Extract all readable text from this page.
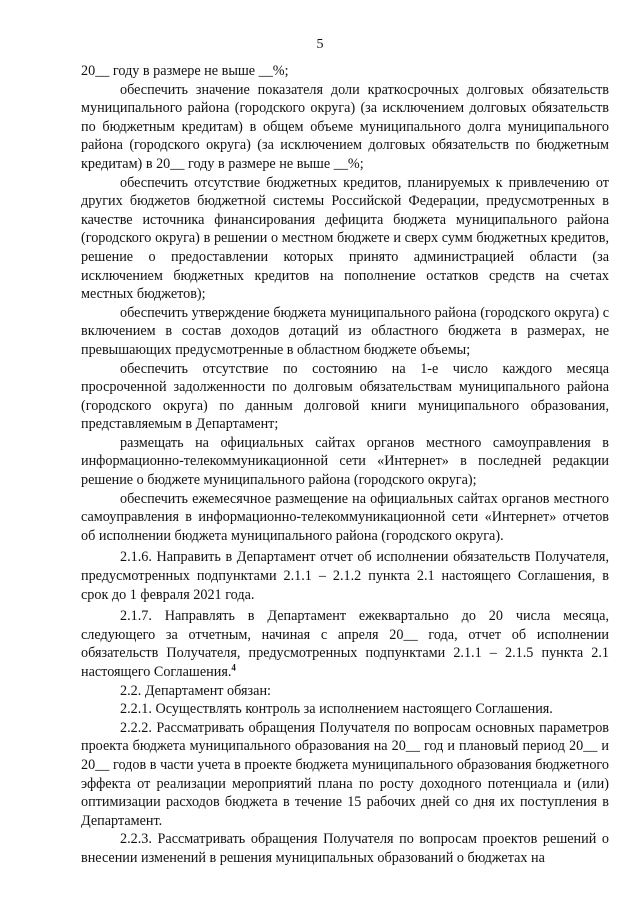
5

20__ году в размере не выше __%;

обеспечить значение показателя доли краткосрочных долговых обязательств муниципального района (городского округа) (за исключением долговых обязательств по бюджетным кредитам) в общем объеме муниципального долга муниципального района (городского округа) (за исключением долговых обязательств по бюджетным кредитам) в 20__ году в размере не выше __%;

обеспечить отсутствие бюджетных кредитов, планируемых к привлечению от других бюджетов бюджетной системы Российской Федерации, предусмотренных в качестве источника финансирования дефицита бюджета муниципального района (городского округа) в решении о местном бюджете и сверх сумм бюджетных кредитов, решение о предоставлении которых принято администрацией области (за исключением бюджетных кредитов на пополнение остатков средств на счетах местных бюджетов);

обеспечить утверждение бюджета муниципального района (городского округа) с включением в состав доходов дотаций из областного бюджета в размерах, не превышающих предусмотренные в областном бюджете объемы;

обеспечить отсутствие по состоянию на 1-е число каждого месяца просроченной задолженности по долговым обязательствам муниципального района (городского округа) по данным долговой книги муниципального образования, представляемым в Департамент;

размещать на официальных сайтах органов местного самоуправления в информационно-телекоммуникационной сети «Интернет» в последней редакции решение о бюджете муниципального района (городского округа);

обеспечить ежемесячное размещение на официальных сайтах органов местного самоуправления в информационно-телекоммуникационной сети «Интернет» отчетов об исполнении бюджета муниципального района (городского округа).

2.1.6. Направить в Департамент отчет об исполнении обязательств Получателя, предусмотренных подпунктами 2.1.1 – 2.1.2 пункта 2.1 настоящего Соглашения, в срок до 1 февраля 2021 года.

2.1.7. Направлять в Департамент ежеквартально до 20 числа месяца, следующего за отчетным, начиная с апреля 20__ года, отчет об исполнении обязательств Получателя, предусмотренных подпунктами 2.1.1 – 2.1.5 пункта 2.1 настоящего Соглашения.$^4$

2.2. Департамент обязан:

2.2.1. Осуществлять контроль за исполнением настоящего Соглашения.

2.2.2. Рассматривать обращения Получателя по вопросам основных параметров проекта бюджета муниципального образования на 20__ год и плановый период 20__ и 20__ годов в части учета в проекте бюджета муниципального образования бюджетного эффекта от реализации мероприятий плана по росту доходного потенциала и (или) оптимизации расходов бюджета в течение 15 рабочих дней со дня их поступления в Департамент.

2.2.3. Рассматривать обращения Получателя по вопросам проектов решений о внесении изменений в решения муниципальных образований о бюджетах на
